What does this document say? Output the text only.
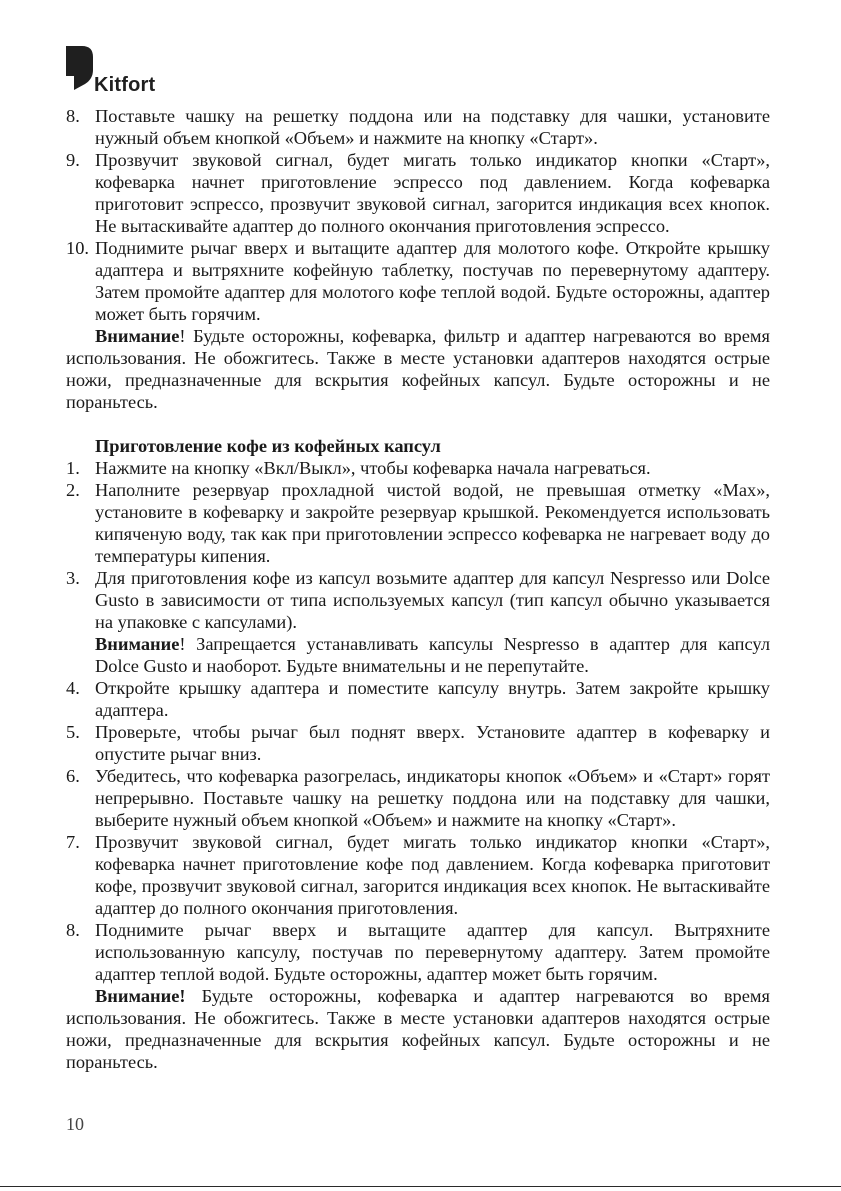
Kitfort
8. Поставьте чашку на решетку поддона или на подставку для чашки, установите нужный объем кнопкой «Объем» и нажмите на кнопку «Старт».
9. Прозвучит звуковой сигнал, будет мигать только индикатор кнопки «Старт», кофеварка начнет приготовление эспрессо под давлением. Когда кофеварка приготовит эспрессо, прозвучит звуковой сигнал, загорится индикация всех кнопок. Не вытаскивайте адаптер до полного окончания приготовления эспрессо.
10. Поднимите рычаг вверх и вытащите адаптер для молотого кофе. Откройте крышку адаптера и вытряхните кофейную таблетку, постучав по перевернутому адаптеру. Затем промойте адаптер для молотого кофе теплой водой. Будьте осторожны, адаптер может быть горячим.
Внимание! Будьте осторожны, кофеварка, фильтр и адаптер нагреваются во время использования. Не обожгитесь. Также в месте установки адаптеров находятся острые ножи, предназначенные для вскрытия кофейных капсул. Будьте осторожны и не пораньтесь.
Приготовление кофе из кофейных капсул
1. Нажмите на кнопку «Вкл/Выкл», чтобы кофеварка начала нагреваться.
2. Наполните резервуар прохладной чистой водой, не превышая отметку «Max», установите в кофеварку и закройте резервуар крышкой. Рекомендуется использовать кипяченую воду, так как при приготовлении эспрессо кофеварка не нагревает воду до температуры кипения.
3. Для приготовления кофе из капсул возьмите адаптер для капсул Nespresso или Dolce Gusto в зависимости от типа используемых капсул (тип капсул обычно указывается на упаковке с капсулами).
Внимание! Запрещается устанавливать капсулы Nespresso в адаптер для капсул Dolce Gusto и наоборот. Будьте внимательны и не перепутайте.
4. Откройте крышку адаптера и поместите капсулу внутрь. Затем закройте крышку адаптера.
5. Проверьте, чтобы рычаг был поднят вверх. Установите адаптер в кофеварку и опустите рычаг вниз.
6. Убедитесь, что кофеварка разогрелась, индикаторы кнопок «Объем» и «Старт» горят непрерывно. Поставьте чашку на решетку поддона или на подставку для чашки, выберите нужный объем кнопкой «Объем» и нажмите на кнопку «Старт».
7. Прозвучит звуковой сигнал, будет мигать только индикатор кнопки «Старт», кофеварка начнет приготовление кофе под давлением. Когда кофеварка приготовит кофе, прозвучит звуковой сигнал, загорится индикация всех кнопок. Не вытаскивайте адаптер до полного окончания приготовления.
8. Поднимите рычаг вверх и вытащите адаптер для капсул. Вытряхните использованную капсулу, постучав по перевернутому адаптеру. Затем промойте адаптер теплой водой. Будьте осторожны, адаптер может быть горячим.
Внимание! Будьте осторожны, кофеварка и адаптер нагреваются во время использования. Не обожгитесь. Также в месте установки адаптеров находятся острые ножи, предназначенные для вскрытия кофейных капсул. Будьте осторожны и не пораньтесь.
10
